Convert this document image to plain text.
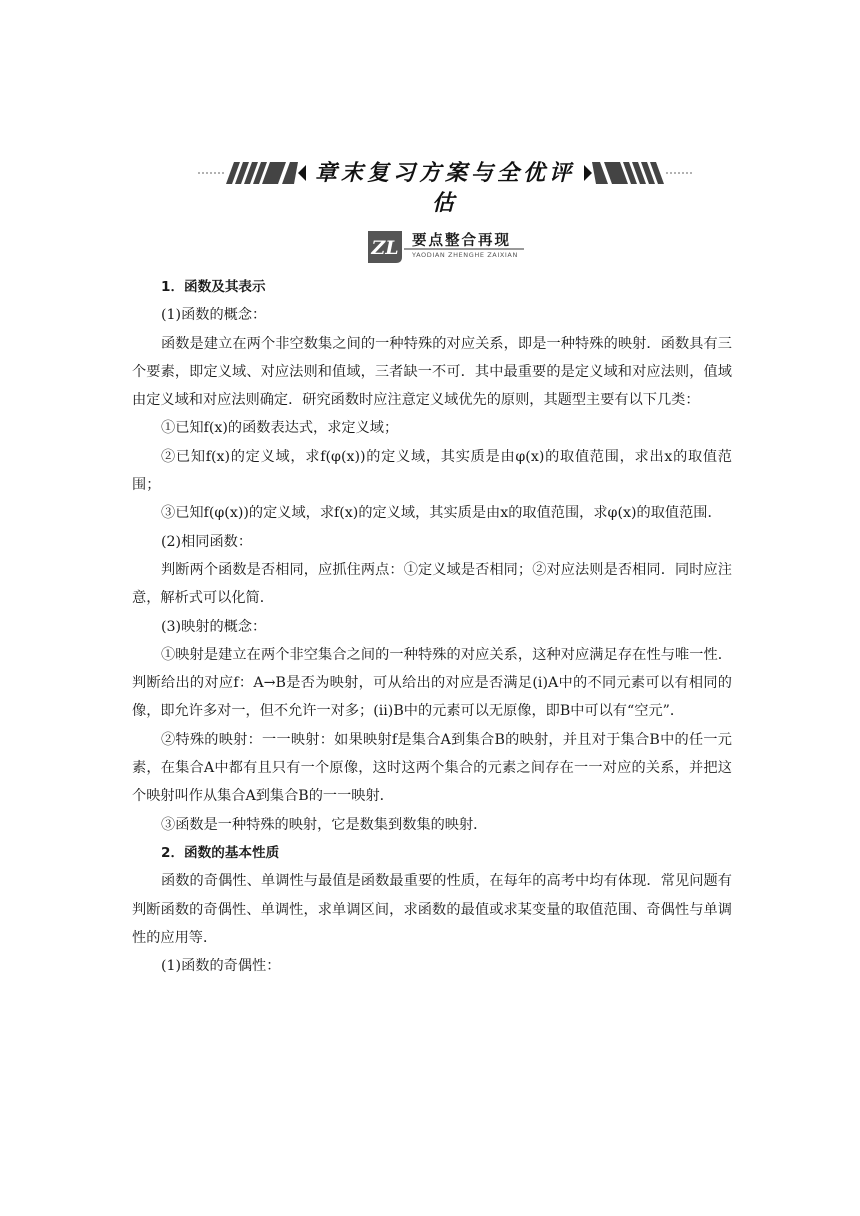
章末复习方案与全优评估
ZL 要点整合再现
YAODIAN ZHENGHE ZAIXIAN

1．函数及其表示

(1)函数的概念：

函数是建立在两个非空数集之间的一种特殊的对应关系，即是一种特殊的映射．函数具有三个要素，即定义域、对应法则和值域，三者缺一不可．其中最重要的是定义域和对应法则，值域由定义域和对应法则确定．研究函数时应注意定义域优先的原则，其题型主要有以下几类：

①已知f(x)的函数表达式，求定义域；

②已知f(x)的定义域，求f(φ(x))的定义域，其实质是由φ(x)的取值范围，求出x的取值范围；

③已知f(φ(x))的定义域，求f(x)的定义域，其实质是由x的取值范围，求φ(x)的取值范围．

(2)相同函数：

判断两个函数是否相同，应抓住两点：①定义域是否相同；②对应法则是否相同．同时应注意，解析式可以化简．

(3)映射的概念：

①映射是建立在两个非空集合之间的一种特殊的对应关系，这种对应满足存在性与唯一性．判断给出的对应f：A→B是否为映射，可从给出的对应是否满足(i)A中的不同元素可以有相同的像，即允许多对一，但不允许一对多；(ii)B中的元素可以无原像，即B中可以有“空元”．

②特殊的映射：一一映射：如果映射f是集合A到集合B的映射，并且对于集合B中的任一元素，在集合A中都有且只有一个原像，这时这两个集合的元素之间存在一一对应的关系，并把这个映射叫作从集合A到集合B的一一映射．

③函数是一种特殊的映射，它是数集到数集的映射．

2．函数的基本性质

函数的奇偶性、单调性与最值是函数最重要的性质，在每年的高考中均有体现．常见问题有判断函数的奇偶性、单调性，求单调区间，求函数的最值或求某变量的取值范围、奇偶性与单调性的应用等．

(1)函数的奇偶性：
